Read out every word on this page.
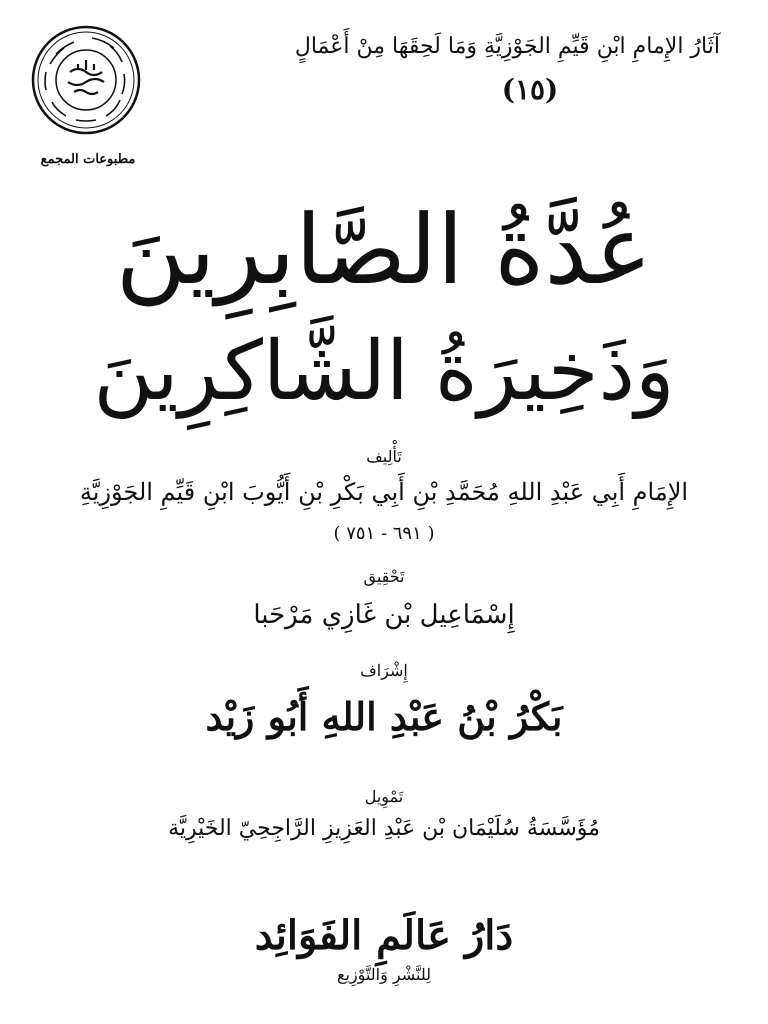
آثَارُ الإِمامِ ابْنِ قَيِّمِ الجَوْزِيَّةِ وَمَا لَحِقَهَا مِنْ أَعْمَالٍ
(١٥)
مطبوعات المجمع
عُدَّةُ الصَّابِرِينَ
وَذَخِيرَةُ الشَّاكِرِينَ
تَأْلِيف
الإِمَامِ أَبِي عَبْدِ اللهِ مُحَمَّدِ بْنِ أَبِي بَكْرِ بْنِ أَيُّوبَ ابْنِ قَيِّمِ الجَوْزِيَّةِ
( ٦٩١ - ٧٥١ )
تَحْقِيق
إِسْمَاعِيل بْن غَازِي مَرْحَبا
إِشْرَاف
بَكْرُ بْنُ عَبْدِ اللهِ أَبُو زَيْد
تَمْوِيل
مُؤَسَّسَةُ سُلَيْمَان بْن عَبْدِ العَزِيزِ الرَّاجِحِيّ الخَيْرِيَّة
دَارُ عَالَمِ الفَوَائِد
لِلنَّشْرِ وَالتَّوْزِيع
